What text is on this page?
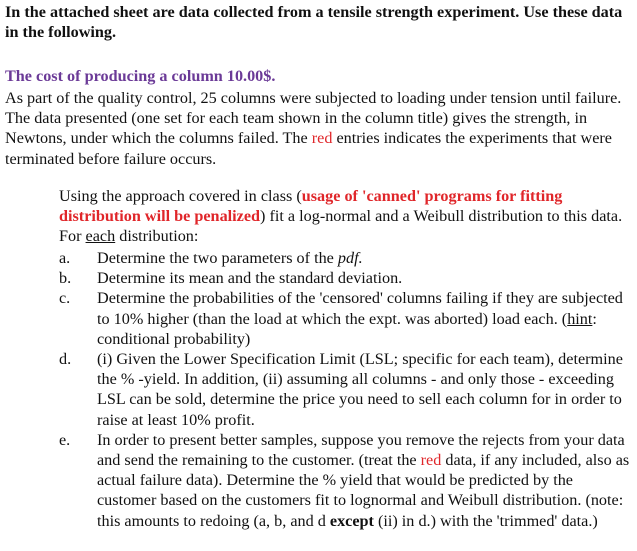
In the attached sheet are data collected from a tensile strength experiment. Use these data in the following.
The cost of producing a column 10.00$.
As part of the quality control, 25 columns were subjected to loading under tension until failure. The data presented (one set for each team shown in the column title) gives the strength, in Newtons, under which the columns failed. The red entries indicates the experiments that were terminated before failure occurs.
Using the approach covered in class (usage of 'canned' programs for fitting distribution will be penalized) fit a log-normal and a Weibull distribution to this data. For each distribution:
a. Determine the two parameters of the pdf.
b. Determine its mean and the standard deviation.
c. Determine the probabilities of the 'censored' columns failing if they are subjected to 10% higher (than the load at which the expt. was aborted) load each. (hint: conditional probability)
d. (i) Given the Lower Specification Limit (LSL; specific for each team), determine the % -yield. In addition, (ii) assuming all columns - and only those - exceeding LSL can be sold, determine the price you need to sell each column for in order to raise at least 10% profit.
e. In order to present better samples, suppose you remove the rejects from your data and send the remaining to the customer. (treat the red data, if any included, also as actual failure data). Determine the % yield that would be predicted by the customer based on the customers fit to lognormal and Weibull distribution. (note: this amounts to redoing (a, b, and d except (ii) in d.) with the 'trimmed' data.)
